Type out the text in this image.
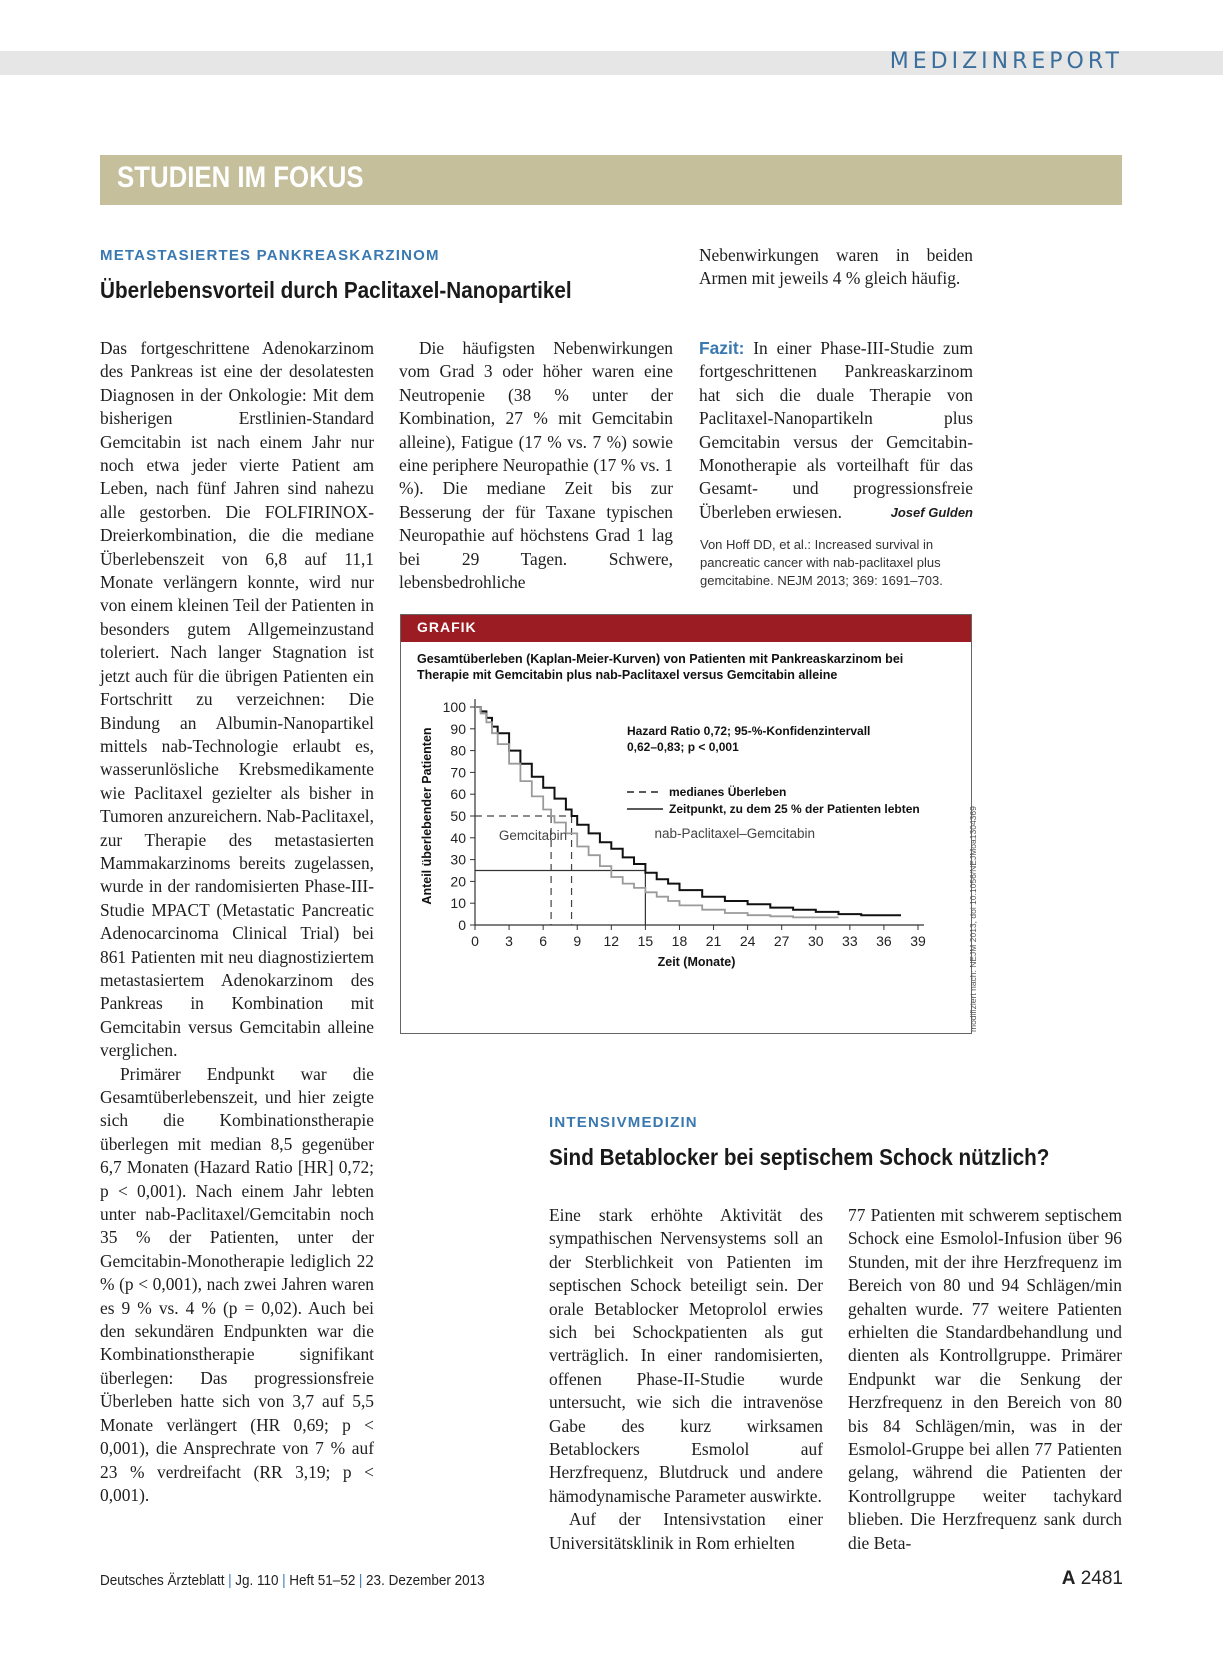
MEDIZINREPORT
STUDIEN IM FOKUS
METASTASIERTES PANKREASKARZINOM
Überlebensvorteil durch Paclitaxel-Nanopartikel

Das fortgeschrittene Adenokarzinom des Pankreas ist eine der desolatesten Diagnosen in der Onkologie: Mit dem bisherigen Erstlinien-Standard Gemcitabin ist nach einem Jahr nur noch etwa jeder vierte Patient am Leben, nach fünf Jahren sind nahezu alle gestorben. Die FOLFIRINOX-Dreierkombination, die die mediane Überlebenszeit von 6,8 auf 11,1 Monate verlängern konnte, wird nur von einem kleinen Teil der Patienten in besonders gutem Allgemeinzustand toleriert. Nach langer Stagnation ist jetzt auch für die übrigen Patienten ein Fortschritt zu verzeichnen: Die Bindung an Albumin-Nanopartikel mittels nab-Technologie erlaubt es, wasserunlösliche Krebsmedikamente wie Paclitaxel gezielter als bisher in Tumoren anzureichern. Nab-Paclitaxel, zur Therapie des metastasierten Mammakarzinoms bereits zugelassen, wurde in der randomisierten Phase-III-Studie MPACT (Metastatic Pancreatic Adenocarcinoma Clinical Trial) bei 861 Patienten mit neu diagnostiziertem metastasiertem Adenokarzinom des Pankreas in Kombination mit Gemcitabin versus Gemcitabin alleine verglichen.

Primärer Endpunkt war die Gesamtüberlebenszeit, und hier zeigte sich die Kombinationstherapie überlegen mit median 8,5 gegenüber 6,7 Monaten (Hazard Ratio [HR] 0,72; p < 0,001). Nach einem Jahr lebten unter nab-Paclitaxel/Gemcitabin noch 35 % der Patienten, unter der Gemcitabin-Monotherapie lediglich 22 % (p < 0,001), nach zwei Jahren waren es 9 % vs. 4 % (p = 0,02). Auch bei den sekundären Endpunkten war die Kombinationstherapie signifikant überlegen: Das progressionsfreie Überleben hatte sich von 3,7 auf 5,5 Monate verlängert (HR 0,69; p < 0,001), die Ansprechrate von 7 % auf 23 % verdreifacht (RR 3,19; p < 0,001).

Die häufigsten Nebenwirkungen vom Grad 3 oder höher waren eine Neutropenie (38 % unter der Kombination, 27 % mit Gemcitabin alleine), Fatigue (17 % vs. 7 %) sowie eine periphere Neuropathie (17 % vs. 1 %). Die mediane Zeit bis zur Besserung der für Taxane typischen Neuropathie auf höchstens Grad 1 lag bei 29 Tagen. Schwere, lebensbedrohliche

Nebenwirkungen waren in beiden Armen mit jeweils 4 % gleich häufig.

Fazit: In einer Phase-III-Studie zum fortgeschrittenen Pankreaskarzinom hat sich die duale Therapie von Paclitaxel-Nanopartikeln plus Gemcitabin versus der Gemcitabin-Monotherapie als vorteilhaft für das Gesamt- und progressionsfreie Überleben erwiesen.	Josef Gulden

Von Hoff DD, et al.: Increased survival in pancreatic cancer with nab-paclitaxel plus gemcitabine. NEJM 2013; 369: 1691–703.
GRAFIK
Gesamtüberleben (Kaplan-Meier-Kurven) von Patienten mit Pankreaskarzinom bei Therapie mit Gemcitabin plus nab-Paclitaxel versus Gemcitabin alleine
0
10
20
30
40
50
60
70
80
90
100
0 3 6 9 12 15 18 21 24 27 30 33 36 39
Zeit (Monate)
Anteil überlebender Patienten	nab-Paclitaxel–Gemcitabin
Gemcitabin
Hazard Ratio 0,72; 95-%-Konfidenzintervall
0,62–0,83; p < 0,001
medianes Überleben
Zeitpunkt, zu dem 25 % der Patienten lebten	modifiziert nach: NEJM 2013, doi 10.1056/NEJMoa1304369
INTENSIVMEDIZIN
Sind Betablocker bei septischem Schock nützlich?

Eine stark erhöhte Aktivität des sympathischen Nervensystems soll an der Sterblichkeit von Patienten im septischen Schock beteiligt sein. Der orale Betablocker Metoprolol erwies sich bei Schockpatienten als gut verträglich. In einer randomisierten, offenen Phase-II-Studie wurde untersucht, wie sich die intravenöse Gabe des kurz wirksamen Betablockers Esmolol auf Herzfrequenz, Blutdruck und andere hämodynamische Parameter auswirkte.

Auf der Intensivstation einer Universitätsklinik in Rom erhielten

77 Patienten mit schwerem septischem Schock eine Esmolol-Infusion über 96 Stunden, mit der ihre Herzfrequenz im Bereich von 80 und 94 Schlägen/min gehalten wurde. 77 weitere Patienten erhielten die Standardbehandlung und dienten als Kontrollgruppe. Primärer Endpunkt war die Senkung der Herzfrequenz in den Bereich von 80 bis 84 Schlägen/min, was in der Esmolol-Gruppe bei allen 77 Patienten gelang, während die Patienten der Kontrollgruppe weiter tachykard blieben. Die Herzfrequenz sank durch die Beta-

Deutsches Ärzteblatt | Jg. 110 | Heft 51–52 | 23. Dezember 2013	A 2481
